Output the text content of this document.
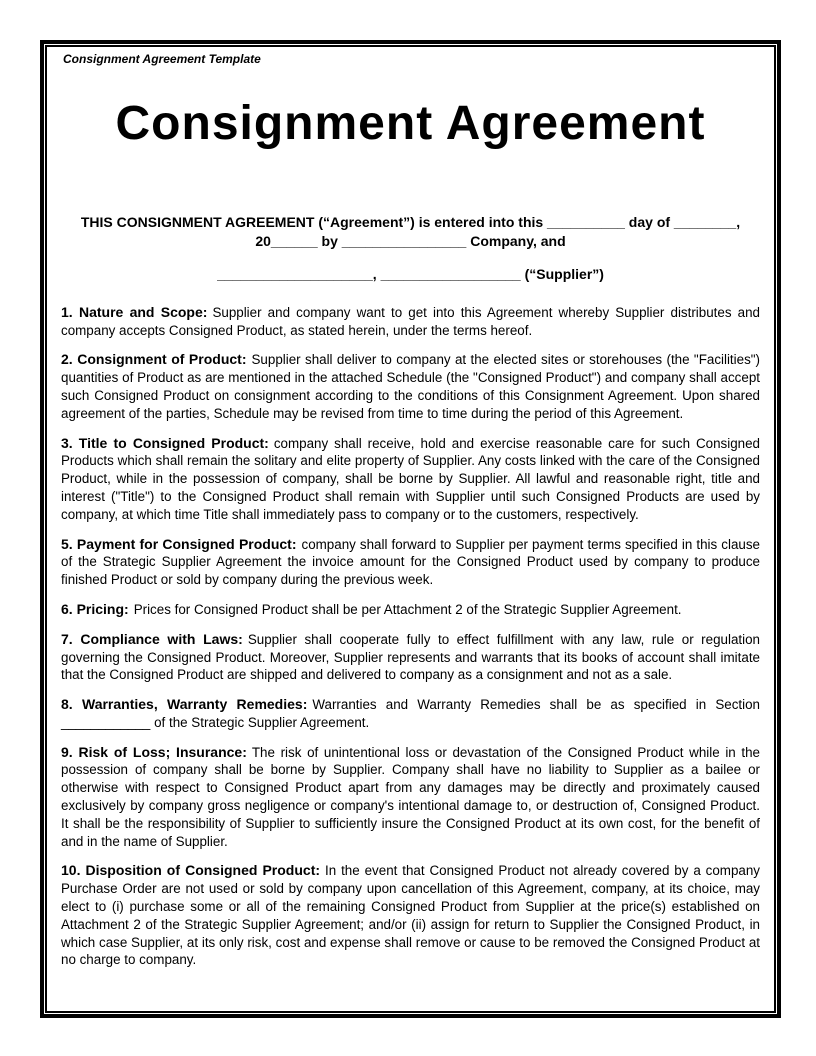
Consignment Agreement Template
Consignment Agreement
THIS CONSIGNMENT AGREEMENT (“Agreement”) is entered into this __________ day of ________,
20______ by ________________ Company, and
____________________, __________________ (“Supplier”)

1. Nature and Scope: Supplier and company want to get into this Agreement whereby Supplier distributes and company accepts Consigned Product, as stated herein, under the terms hereof.

2. Consignment of Product: Supplier shall deliver to company at the elected sites or storehouses (the "Facilities") quantities of Product as are mentioned in the attached Schedule (the "Consigned Product") and company shall accept such Consigned Product on consignment according to the conditions of this Consignment Agreement. Upon shared agreement of the parties, Schedule may be revised from time to time during the period of this Agreement.

3. Title to Consigned Product: company shall receive, hold and exercise reasonable care for such Consigned Products which shall remain the solitary and elite property of Supplier. Any costs linked with the care of the Consigned Product, while in the possession of company, shall be borne by Supplier. All lawful and reasonable right, title and interest ("Title") to the Consigned Product shall remain with Supplier until such Consigned Products are used by company, at which time Title shall immediately pass to company or to the customers, respectively.

5. Payment for Consigned Product: company shall forward to Supplier per payment terms specified in this clause of the Strategic Supplier Agreement the invoice amount for the Consigned Product used by company to produce finished Product or sold by company during the previous week.

6. Pricing: Prices for Consigned Product shall be per Attachment 2 of the Strategic Supplier Agreement.

7. Compliance with Laws: Supplier shall cooperate fully to effect fulfillment with any law, rule or regulation governing the Consigned Product. Moreover, Supplier represents and warrants that its books of account shall imitate that the Consigned Product are shipped and delivered to company as a consignment and not as a sale.

8. Warranties, Warranty Remedies: Warranties and Warranty Remedies shall be as specified in Section ____________ of the Strategic Supplier Agreement.

9. Risk of Loss; Insurance: The risk of unintentional loss or devastation of the Consigned Product while in the possession of company shall be borne by Supplier. Company shall have no liability to Supplier as a bailee or otherwise with respect to Consigned Product apart from any damages may be directly and proximately caused exclusively by company gross negligence or company's intentional damage to, or destruction of, Consigned Product. It shall be the responsibility of Supplier to sufficiently insure the Consigned Product at its own cost, for the benefit of and in the name of Supplier.

10. Disposition of Consigned Product: In the event that Consigned Product not already covered by a company Purchase Order are not used or sold by company upon cancellation of this Agreement, company, at its choice, may elect to (i) purchase some or all of the remaining Consigned Product from Supplier at the price(s) established on Attachment 2 of the Strategic Supplier Agreement; and/or (ii) assign for return to Supplier the Consigned Product, in which case Supplier, at its only risk, cost and expense shall remove or cause to be removed the Consigned Product at no charge to company.
